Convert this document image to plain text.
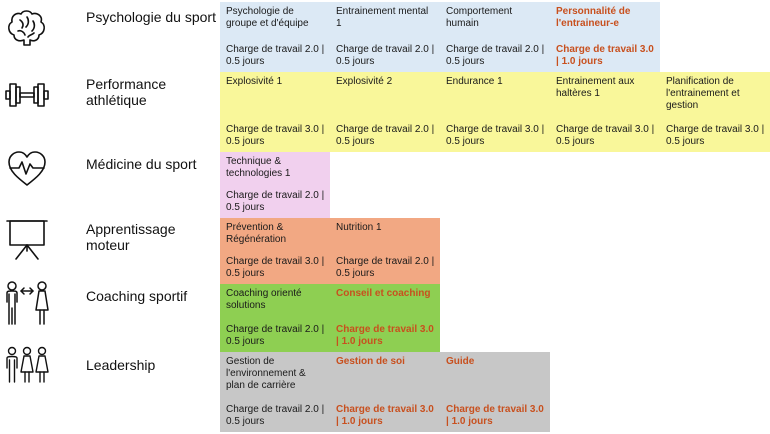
Psychologie du sport
Performance athlétique
Médicine du sport
Apprentissage moteur
Coaching sportif
Leadership
Psychologie de groupe et d'équipe
Charge de travail 2.0 | 0.5 jours
Entrainement mental 1
Charge de travail 2.0 | 0.5 jours
Comportement humain
Charge de travail 2.0 | 0.5 jours
Personnalité de l'entraineur-e
Charge de travail 3.0 | 1.0 jours
Explosivité 1
Charge de travail 3.0 | 0.5 jours
Explosivité 2
Charge de travail 2.0 | 0.5 jours
Endurance 1
Charge de travail 3.0 | 0.5 jours
Entrainement aux haltères 1
Charge de travail 3.0 | 0.5 jours
Planification de l'entrainement et gestion
Charge de travail 3.0 | 0.5 jours
Technique & technologies 1
Charge de travail 2.0 | 0.5 jours
Prévention & Régénération
Charge de travail 3.0 | 0.5 jours
Nutrition 1
Charge de travail 2.0 | 0.5 jours
Coaching orienté solutions
Charge de travail 2.0 | 0.5 jours
Conseil et coaching
Charge de travail 3.0 | 1.0 jours
Gestion de l'environnement & plan de carrière
Charge de travail 2.0 | 0.5 jours
Gestion de soi
Charge de travail 3.0 | 1.0 jours
Guide
Charge de travail 3.0 | 1.0 jours
